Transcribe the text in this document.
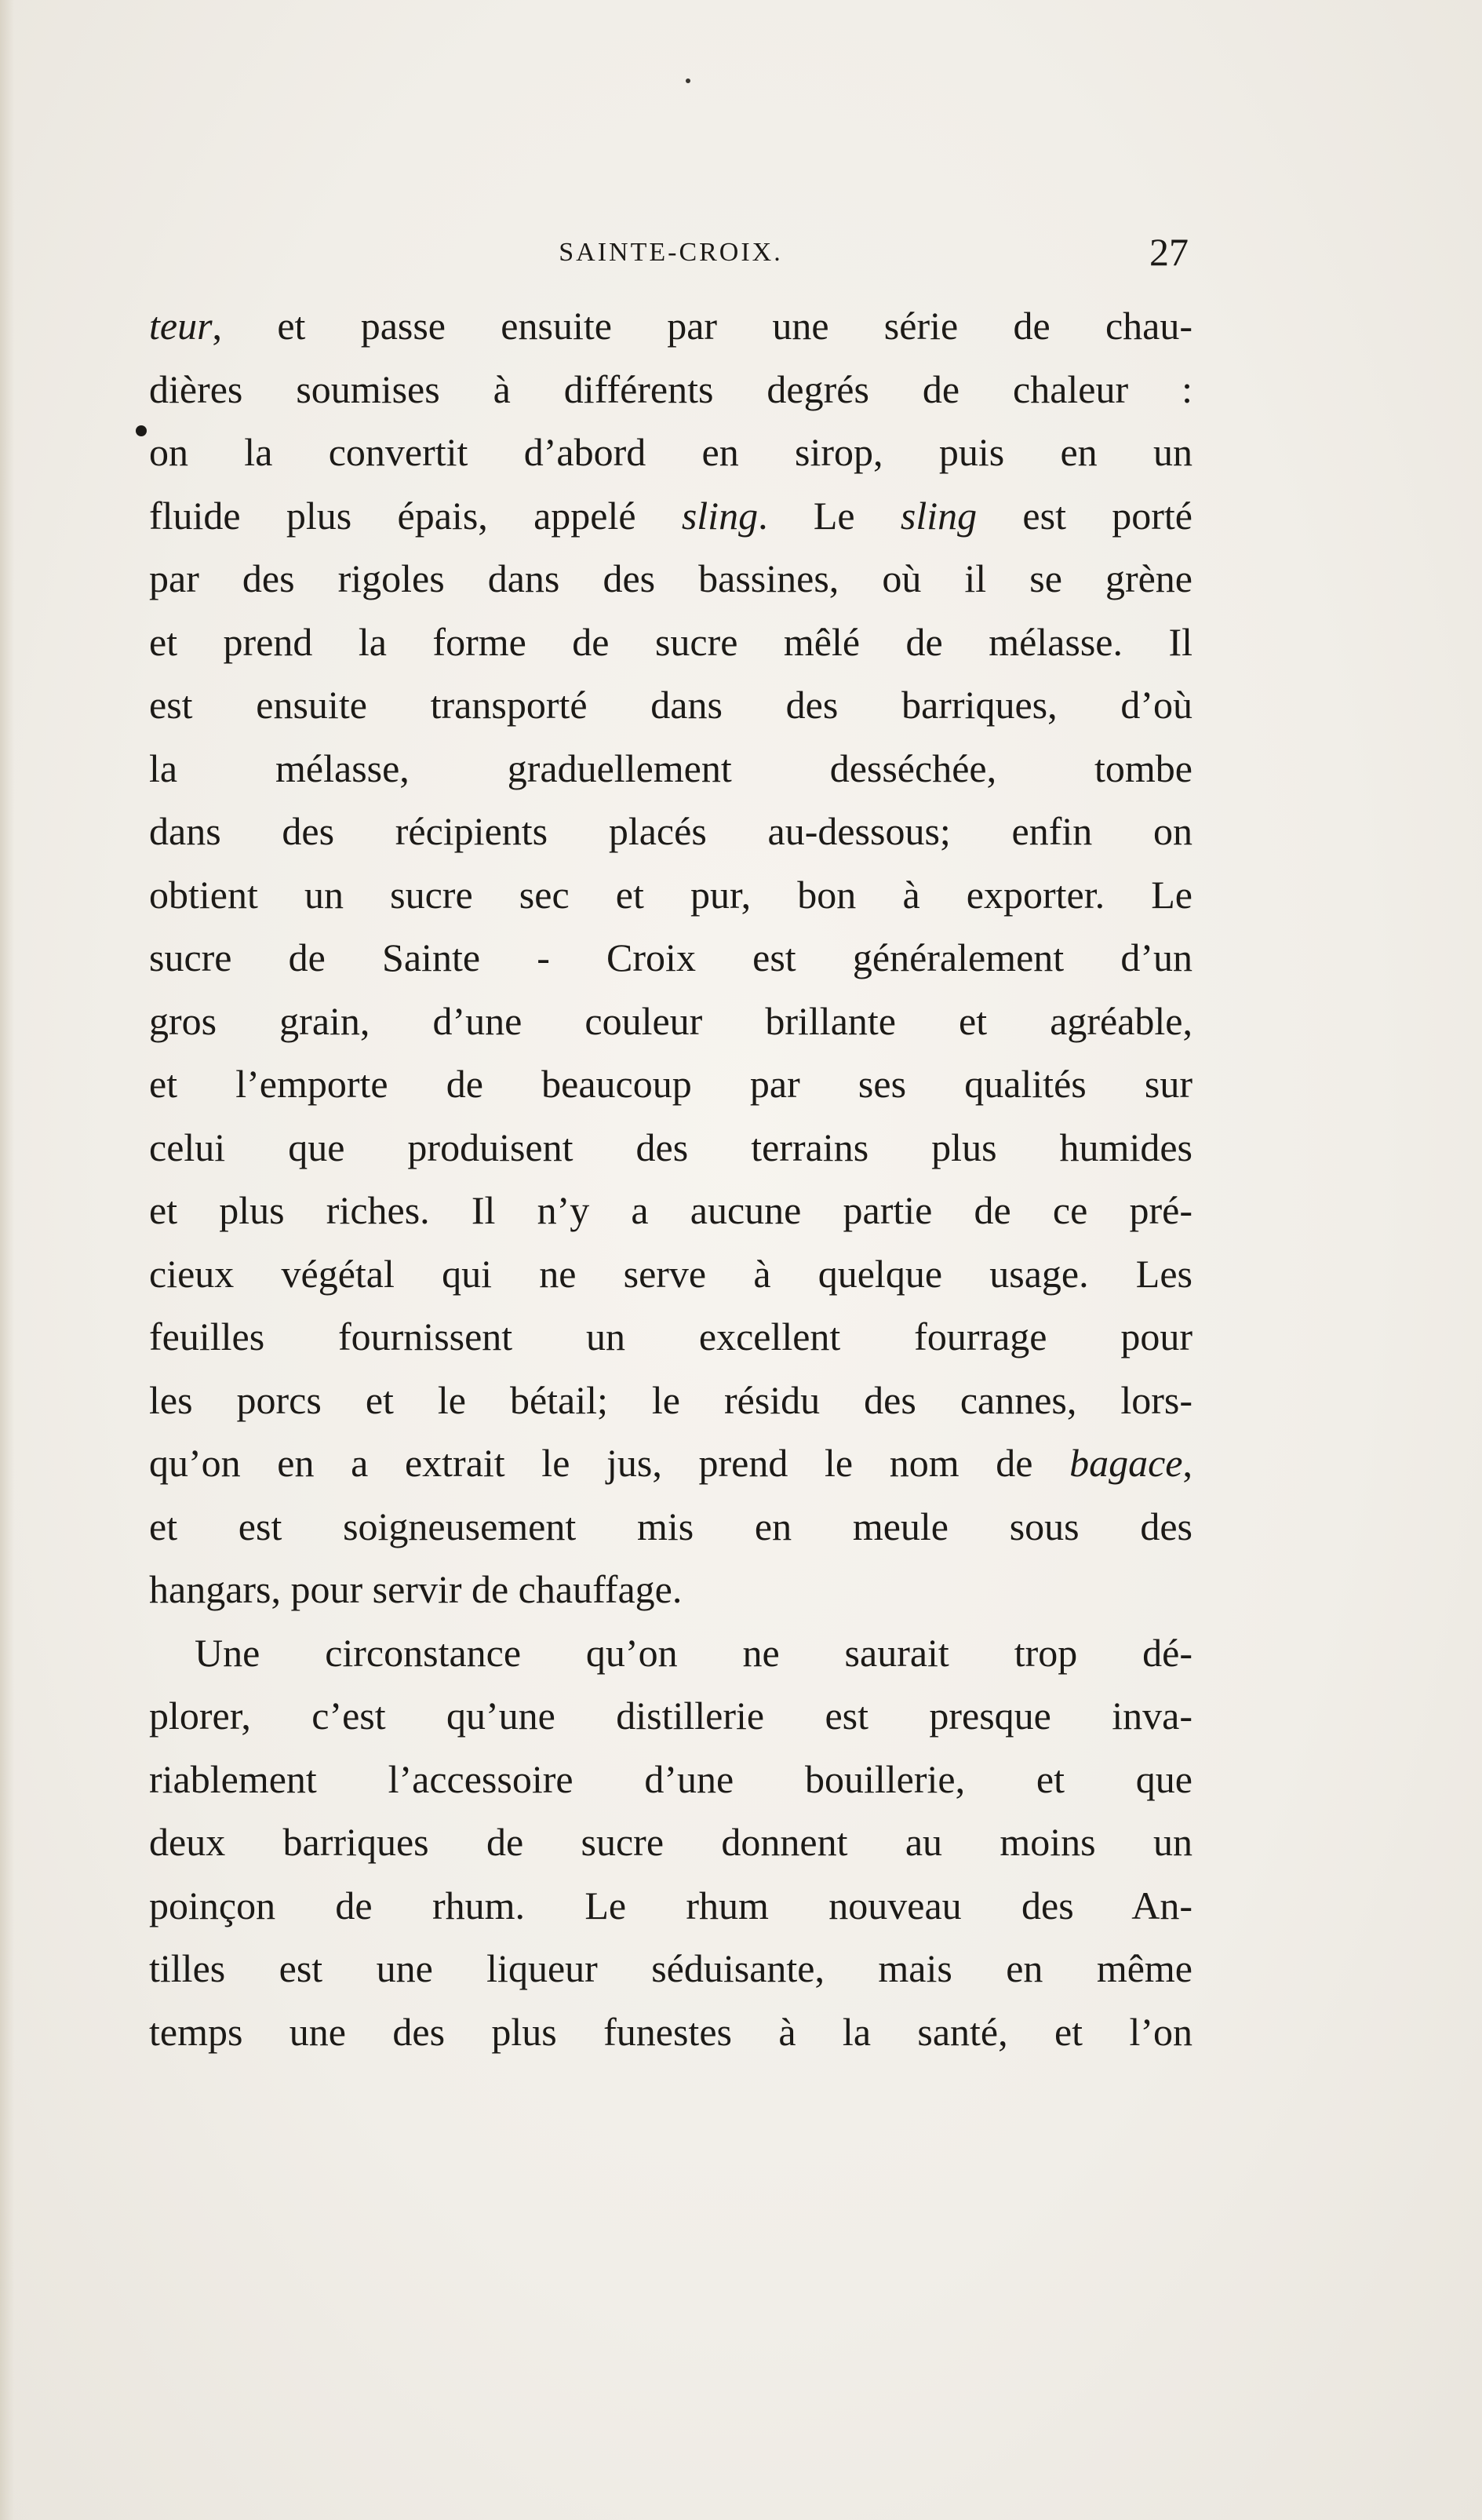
SAINTE-CROIX.	27
teur, et passe ensuite par une série de chau-
dières soumises à différents degrés de chaleur :
on la convertit d’abord en sirop, puis en un
fluide plus épais, appelé sling. Le sling est porté
par des rigoles dans des bassines, où il se grène
et prend la forme de sucre mêlé de mélasse. Il
est ensuite transporté dans des barriques, d’où
la mélasse, graduellement desséchée, tombe
dans des récipients placés au-dessous; enfin on
obtient un sucre sec et pur, bon à exporter. Le
sucre de Sainte - Croix est généralement d’un
gros grain, d’une couleur brillante et agréable,
et l’emporte de beaucoup par ses qualités sur
celui que produisent des terrains plus humides
et plus riches. Il n’y a aucune partie de ce pré-
cieux végétal qui ne serve à quelque usage. Les
feuilles fournissent un excellent fourrage pour
les porcs et le bétail; le résidu des cannes, lors-
qu’on en a extrait le jus, prend le nom de bagace,
et est soigneusement mis en meule sous des
hangars, pour servir de chauffage.
Une circonstance qu’on ne saurait trop dé-
plorer, c’est qu’une distillerie est presque inva-
riablement l’accessoire d’une bouillerie, et que
deux barriques de sucre donnent au moins un
poinçon de rhum. Le rhum nouveau des An-
tilles est une liqueur séduisante, mais en même
temps une des plus funestes à la santé, et l’on
